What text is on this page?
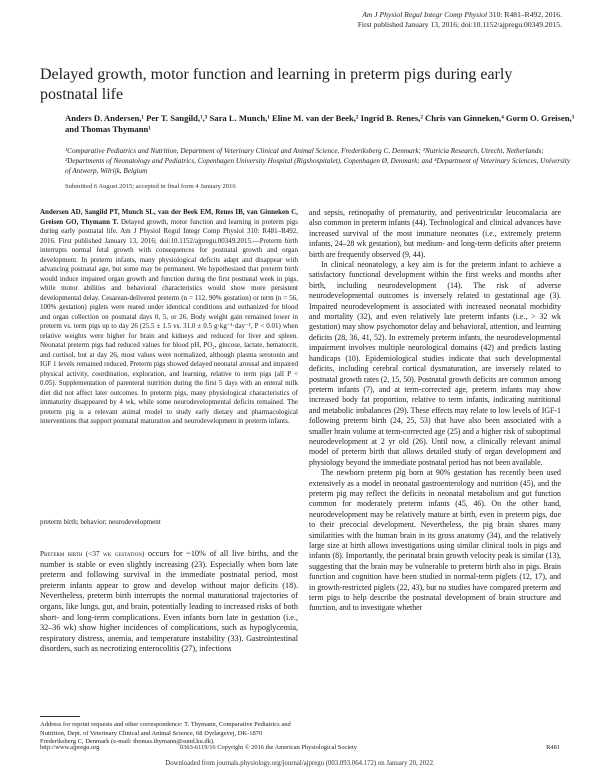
Am J Physiol Regul Integr Comp Physiol 310: R481–R492, 2016.
First published January 13, 2016; doi:10.1152/ajpregu.00349.2015.
Delayed growth, motor function and learning in preterm pigs during early postnatal life
Anders D. Andersen,¹ Per T. Sangild,¹,³ Sara L. Munch,¹ Eline M. van der Beek,² Ingrid B. Renes,² Chris van Ginneken,⁴ Gorm O. Greisen,³ and Thomas Thymann¹
¹Comparative Pediatrics and Nutrition, Department of Veterinary Clinical and Animal Science, Frederiksberg C, Denmark; ²Nutricia Research, Utrecht, Netherlands; ³Departments of Neonatology and Pediatrics, Copenhagen University Hospital (Rigshospitalet), Copenhagen Ø, Denmark; and ⁴Department of Veterinary Sciences, University of Antwerp, Wilrijk, Belgium
Submitted 6 August 2015; accepted in final form 4 January 2016

Andersen AD, Sangild PT, Munch SL, van der Beek EM, Renes IB, van Ginneken C, Greisen GO, Thymann T. Delayed growth, motor function and learning in preterm pigs during early postnatal life. Am J Physiol Regul Integr Comp Physiol 310: R481–R492, 2016. First published January 13, 2016; doi:10.1152/ajpregu.00349.2015.—Preterm birth interrupts normal fetal growth with consequences for postnatal growth and organ development. In preterm infants, many physiological deficits adapt and disappear with advancing postnatal age, but some may be permanent. We hypothesized that preterm birth would induce impaired organ growth and function during the first postnatal week in pigs, while motor abilities and behavioral characteristics would show more persistent developmental delay. Cesarean-delivered preterm (n = 112, 90% gestation) or term (n = 56, 100% gestation) piglets were reared under identical conditions and euthanized for blood and organ collection on postnatal days 0, 5, or 26. Body weight gain remained lower in preterm vs. term pigs up to day 26 (25.5 ± 1.5 vs. 31.0 ± 0.5 g·kg⁻¹·day⁻¹, P < 0.01) when relative weights were higher for brain and kidneys and reduced for liver and spleen. Neonatal preterm pigs had reduced values for blood pH, PO₂, glucose, lactate, hematocrit, and cortisol, but at day 26, most values were normalized, although plasma serotonin and IGF 1 levels remained reduced. Preterm pigs showed delayed neonatal arousal and impaired physical activity, coordination, exploration, and learning, relative to term pigs (all P < 0.05). Supplementation of parenteral nutrition during the first 5 days with an enteral milk diet did not affect later outcomes. In preterm pigs, many physiological characteristics of immaturity disappeared by 4 wk, while some neurodevelopmental deficits remained. The preterm pig is a relevant animal model to study early dietary and pharmacological interventions that support postnatal maturation and neurodevelopment in preterm infants.

preterm birth; behavior; neurodevelopment

Preterm birth (<37 wk gestation) occurs for ~10% of all live births, and the number is stable or even slightly increasing (23). Especially when born late preterm and following survival in the immediate postnatal period, most preterm infants appear to grow and develop without major deficits (18). Nevertheless, preterm birth interrupts the normal maturational trajectories of organs, like lungs, gut, and brain, potentially leading to increased risks of both short- and long-term complications. Even infants born late in gestation (i.e., 32–36 wk) show higher incidences of complications, such as hypoglycemia, respiratory distress, anemia, and temperature instability (33). Gastrointestinal disorders, such as necrotizing enterocolitis (27), infections

and sepsis, retinopathy of prematurity, and periventricular leucomalacia are also common in preterm infants (44). Technological and clinical advances have increased survival of the most immature neonates (i.e., extremely preterm infants, 24–28 wk gestation), but medium- and long-term deficits after preterm birth are frequently observed (9, 44).

In clinical neonatology, a key aim is for the preterm infant to achieve a satisfactory functional development within the first weeks and months after birth, including neurodevelopment (14). The risk of adverse neurodevelopmental outcomes is inversely related to gestational age (3). Impaired neurodevelopment is associated with increased neonatal morbidity and mortality (32), and even relatively late preterm infants (i.e., > 32 wk gestation) may show psychomotor delay and behavioral, attention, and learning deficits (28, 36, 41, 52). In extremely preterm infants, the neurodevelopmental impairment involves multiple neurological domains (42) and predicts lasting handicaps (10). Epidemiological studies indicate that such developmental deficits, including cerebral cortical dysmaturation, are inversely related to postnatal growth rates (2, 15, 50). Postnatal growth deficits are common among preterm infants (7), and at term-corrected age, preterm infants may show increased body fat proportion, relative to term infants, indicating nutritional and metabolic imbalances (29). These effects may relate to low levels of IGF-1 following preterm birth (24, 25, 53) that have also been associated with a smaller brain volume at term-corrected age (25) and a higher risk of suboptimal neurodevelopment at 2 yr old (26). Until now, a clinically relevant animal model of preterm birth that allows detailed study of organ development and physiology beyond the immediate postnatal period has not been available.

The newborn preterm pig born at 90% gestation has recently been used extensively as a model in neonatal gastroenterology and nutrition (45), and the preterm pig may reflect the deficits in neonatal metabolism and gut function common for moderately preterm infants (45, 46). On the other hand, neurodevelopment may be relatively mature at birth, even in preterm pigs, due to their precocial development. Nevertheless, the pig brain shares many similarities with the human brain in its gross anatomy (34), and the relatively large size at birth allows investigations using similar clinical tools in pigs and infants (8). Importantly, the perinatal brain growth velocity peak is similar (13), suggesting that the brain may be vulnerable to preterm birth also in pigs. Brain function and cognition have been studied in normal-term piglets (12, 17), and in growth-restricted piglets (22, 43), but no studies have compared preterm and term pigs to help describe the postnatal development of brain structure and function, and to investigate whether

Address for reprint requests and other correspondence: T. Thymann, Comparative Pediatrics and Nutrition, Dept. of Veterinary Clinical and Animal Science, 68 Dyrlægevej, DK-1870 Frederiksberg C, Denmark (e-mail: thomas.thymann@sund.ku.dk).
http://www.ajpregu.org	0363-6119/16 Copyright © 2016 the American Physiological Society	R481
Downloaded from journals.physiology.org/journal/ajpregu (003.093.064.172) on January 20, 2022.
